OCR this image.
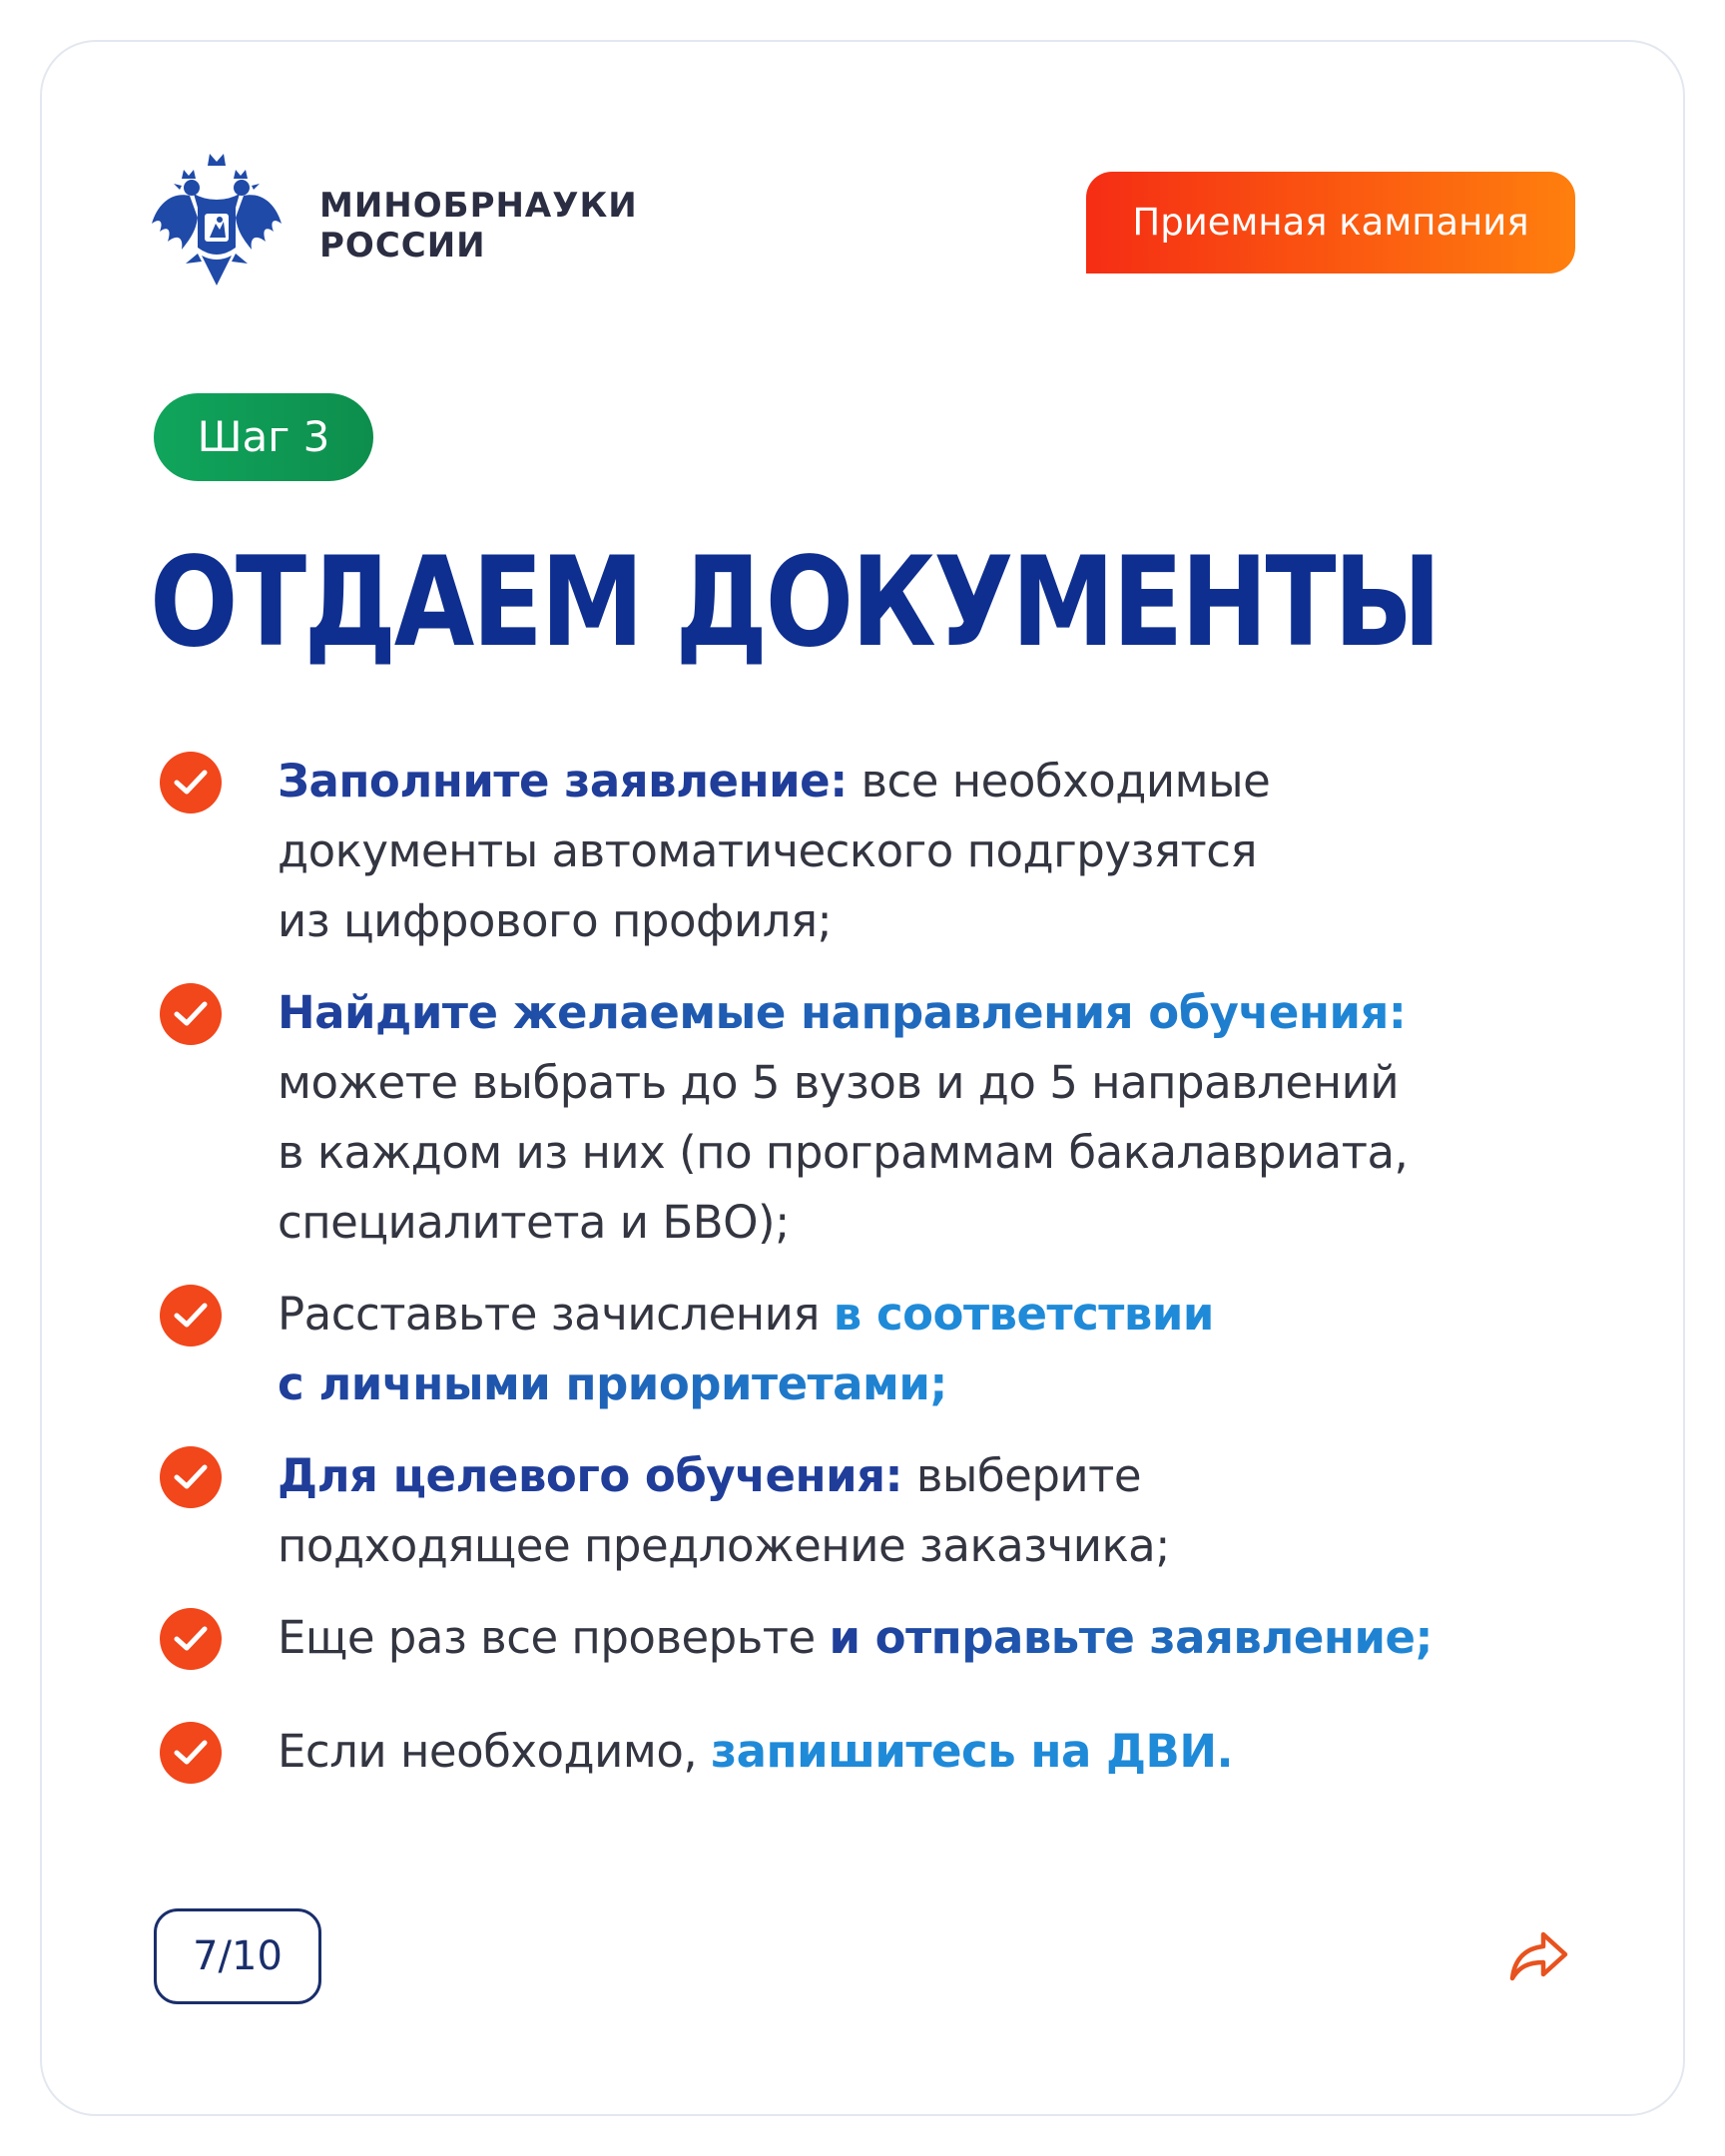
МИНОБРНАУКИ
РОССИИ
Приемная кампания
Шаг 3
ОТДАЕМ ДОКУМЕНТЫ
Заполните заявление: все необходимые
документы автоматического подгрузятся
из цифрового профиля;
Найдите желаемые направления обучения:
можете выбрать до 5 вузов и до 5 направлений
в каждом из них (по программам бакалавриата,
специалитета и БВО);
Расставьте зачисления в соответствии
с личными приоритетами;
Для целевого обучения: выберите
подходящее предложение заказчика;
Еще раз все проверьте и отправьте заявление;
Если необходимо, запишитесь на ДВИ.
7/10
